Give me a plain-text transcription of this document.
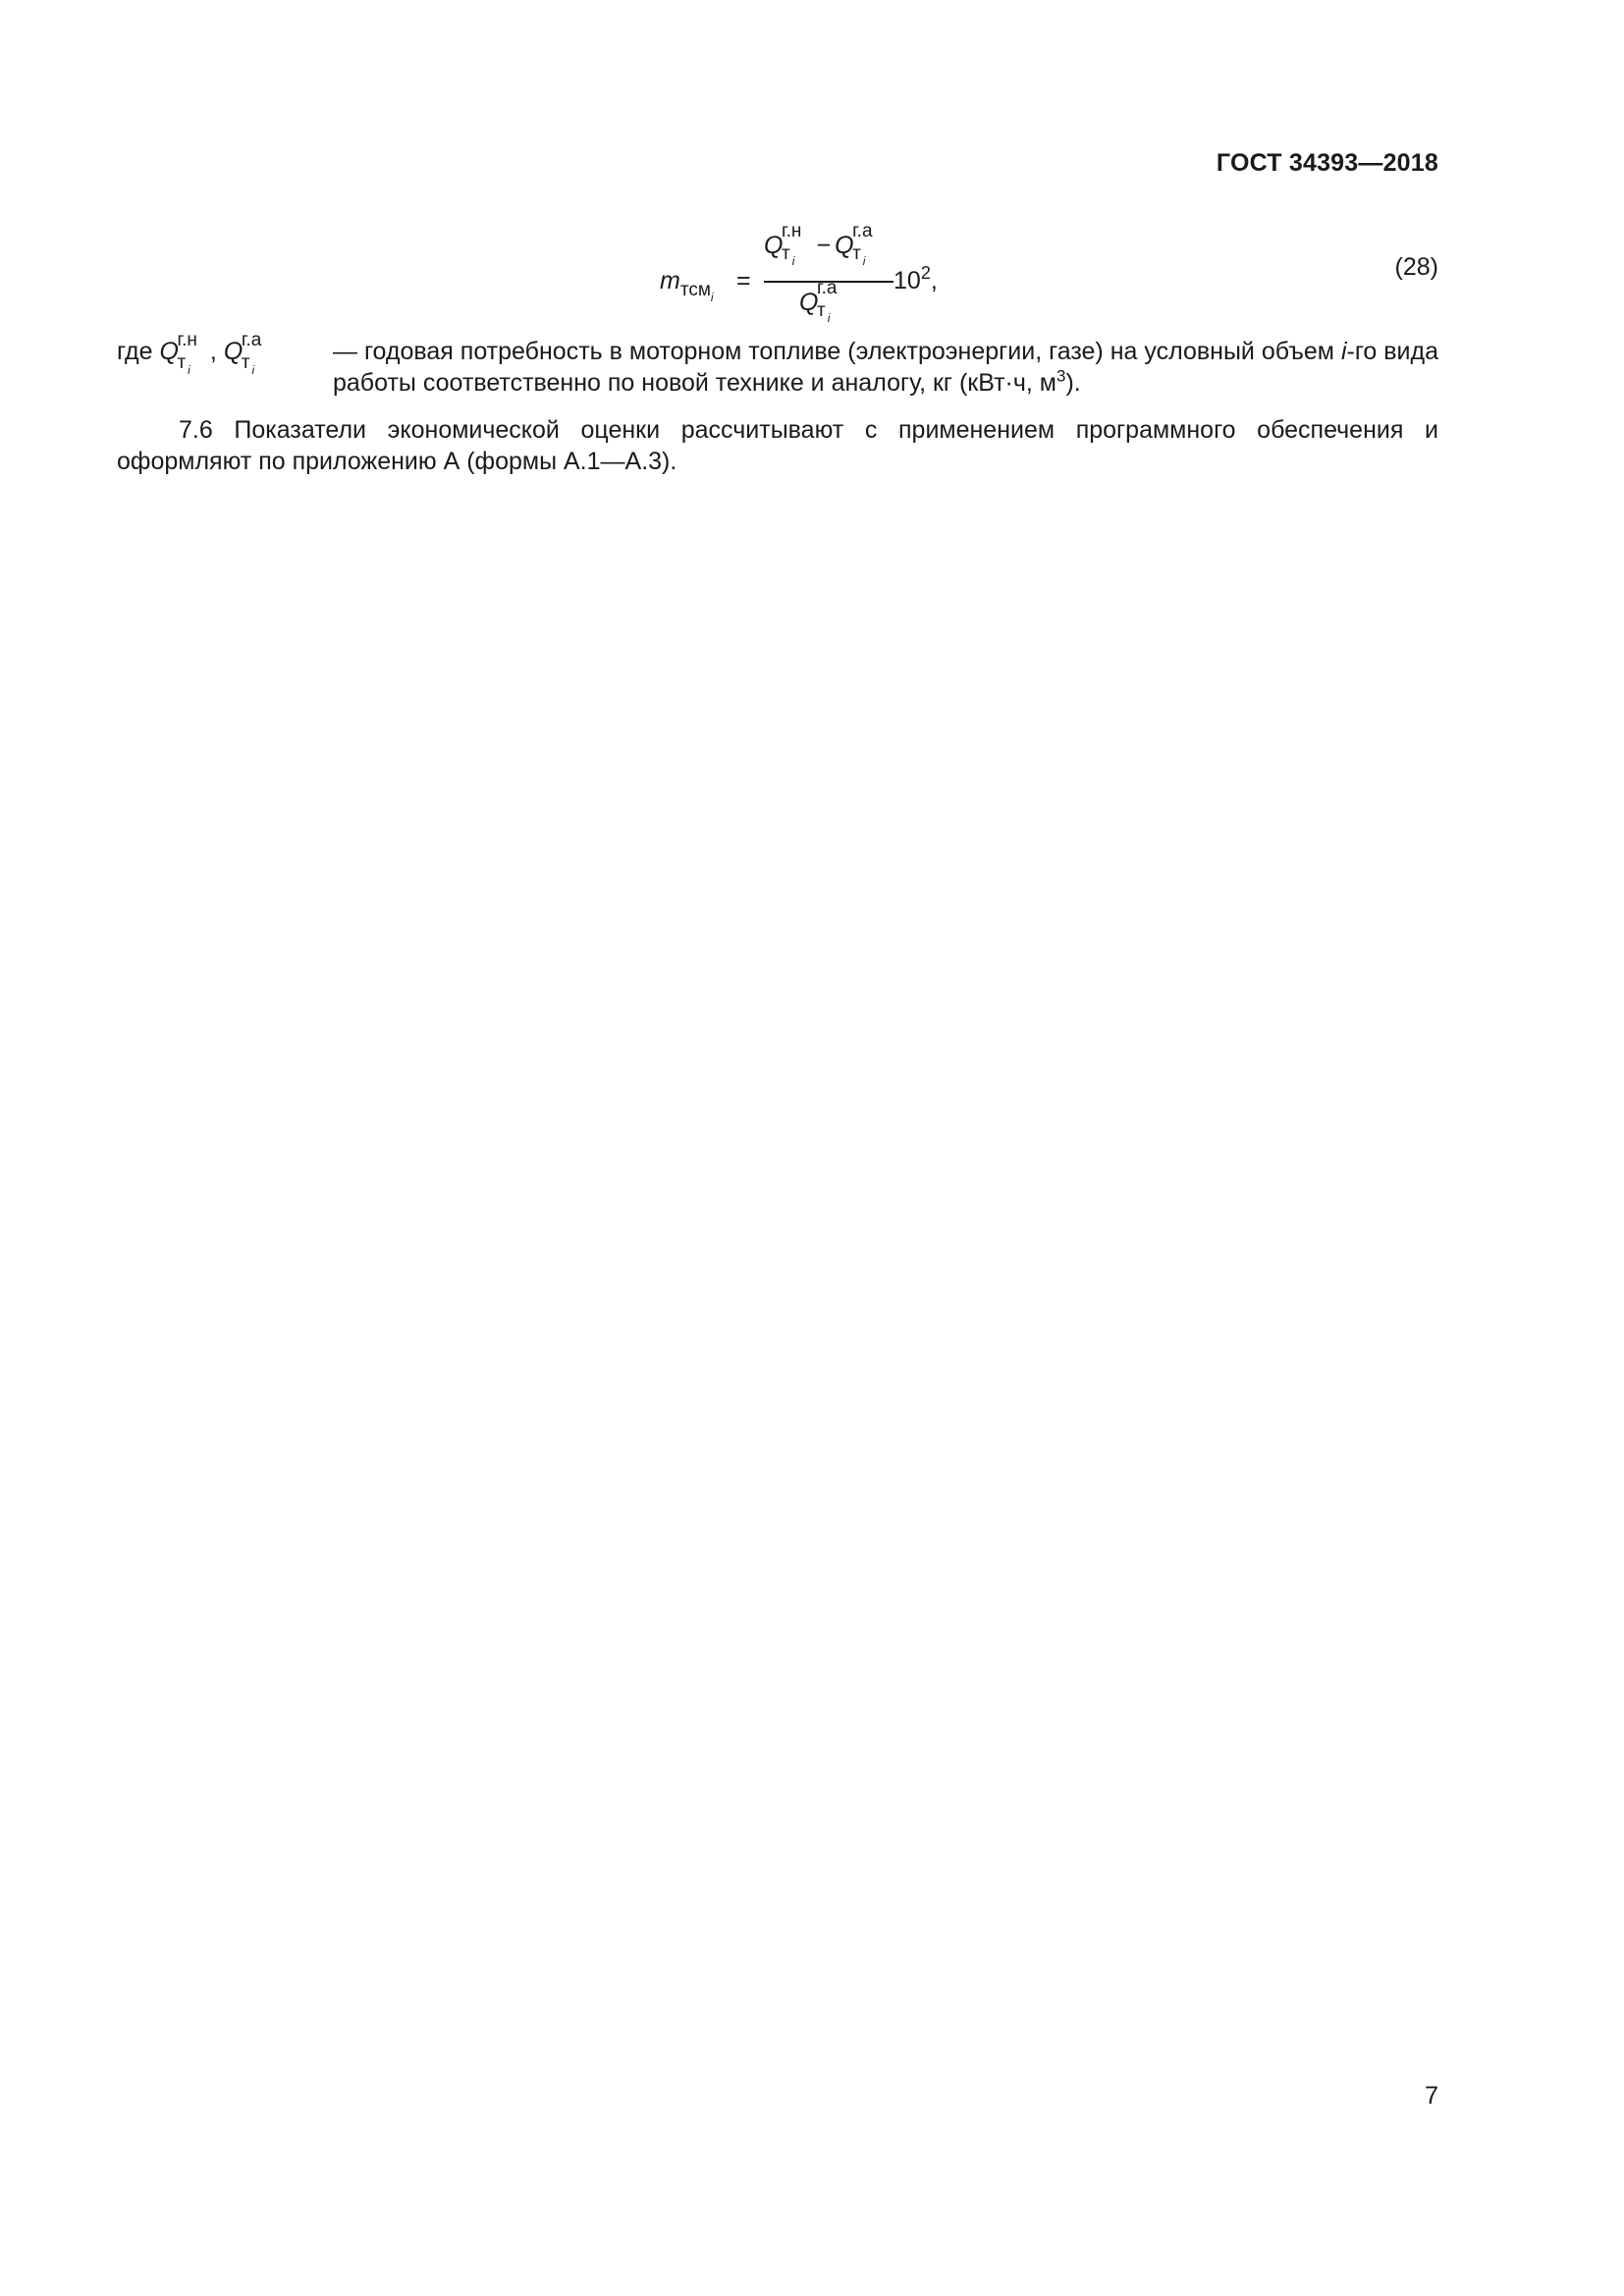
ГОСТ 34393—2018
$m_{тсм_i}$
=
Q
г.н
т $_i$
− Q
г.а
т $_i$
Q
г.а
т $_i$
$10^2$,	(28)
где Q
г.н
т $_i$
, Q
г.а
т $_i$
— годовая потребность в моторном топливе (электроэнергии, газе) на условный объем i-го вида работы соответственно по новой технике и аналогу, кг (кВт·ч, $м^3$).
7.6 Показатели экономической оценки рассчитывают с применением программного обеспечения и оформляют по приложению А (формы А.1—А.3).
7
